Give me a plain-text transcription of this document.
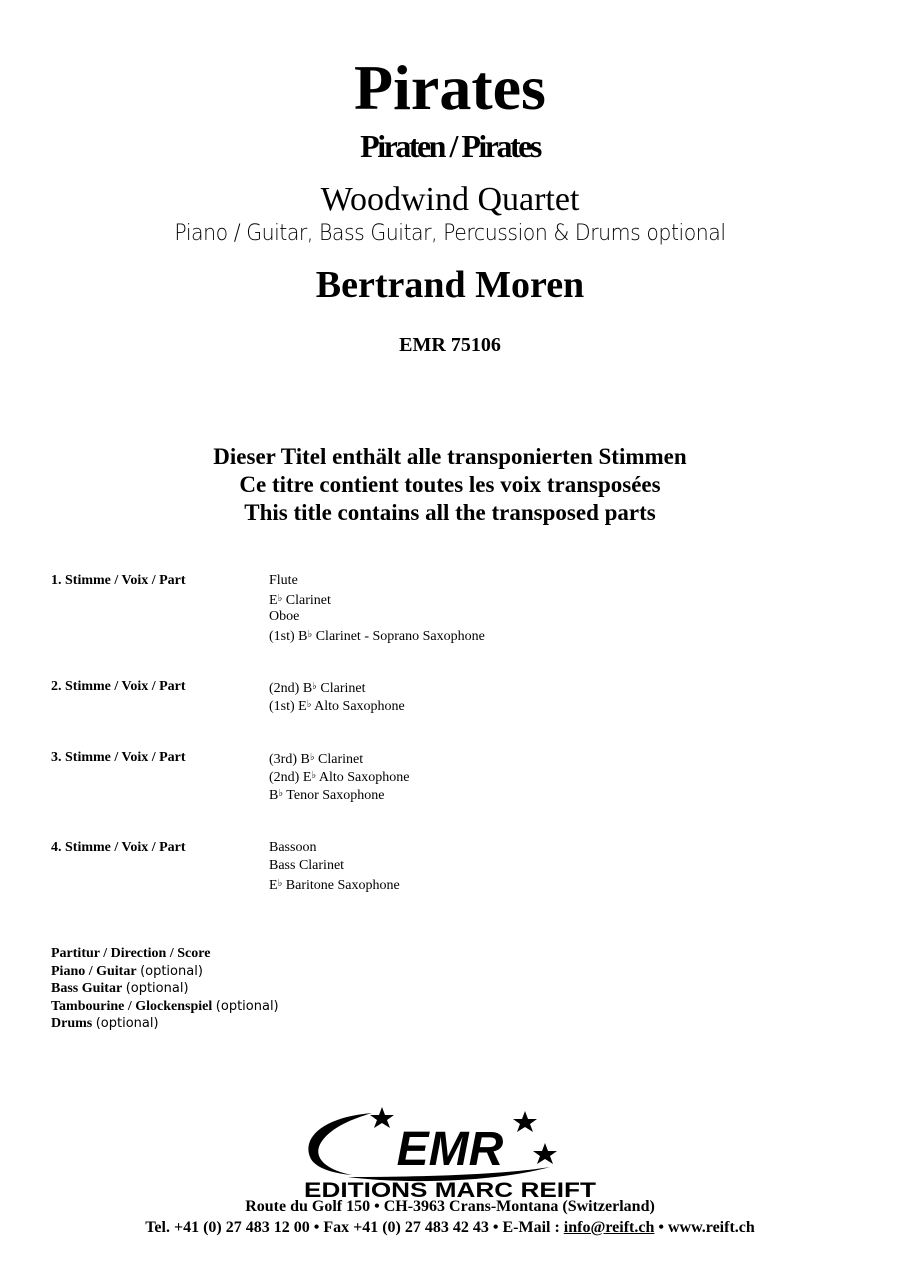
Pirates
Piraten / Pirates
Woodwind Quartet
Piano / Guitar, Bass Guitar, Percussion & Drums optional
Bertrand Moren
EMR 75106
Dieser Titel enthält alle transponierten Stimmen
Ce titre contient toutes les voix transposées
This title contains all the transposed parts
1. Stimme / Voix / Part	Flute
E♭ Clarinet
Oboe
(1st) B♭ Clarinet - Soprano Saxophone
2. Stimme / Voix / Part	(2nd) B♭ Clarinet
(1st) E♭ Alto Saxophone
3. Stimme / Voix / Part	(3rd) B♭ Clarinet
(2nd) E♭ Alto Saxophone
B♭ Tenor Saxophone
4. Stimme / Voix / Part	Bassoon
Bass Clarinet
E♭ Baritone Saxophone
Partitur / Direction / Score
Piano / Guitar (optional)
Bass Guitar (optional)
Tambourine / Glockenspiel (optional)
Drums (optional)
EMR
EDITIONS MARC REIFT
Route du Golf 150 • CH-3963 Crans-Montana (Switzerland)
Tel. +41 (0) 27 483 12 00 • Fax +41 (0) 27 483 42 43 • E-Mail : info@reift.ch • www.reift.ch
